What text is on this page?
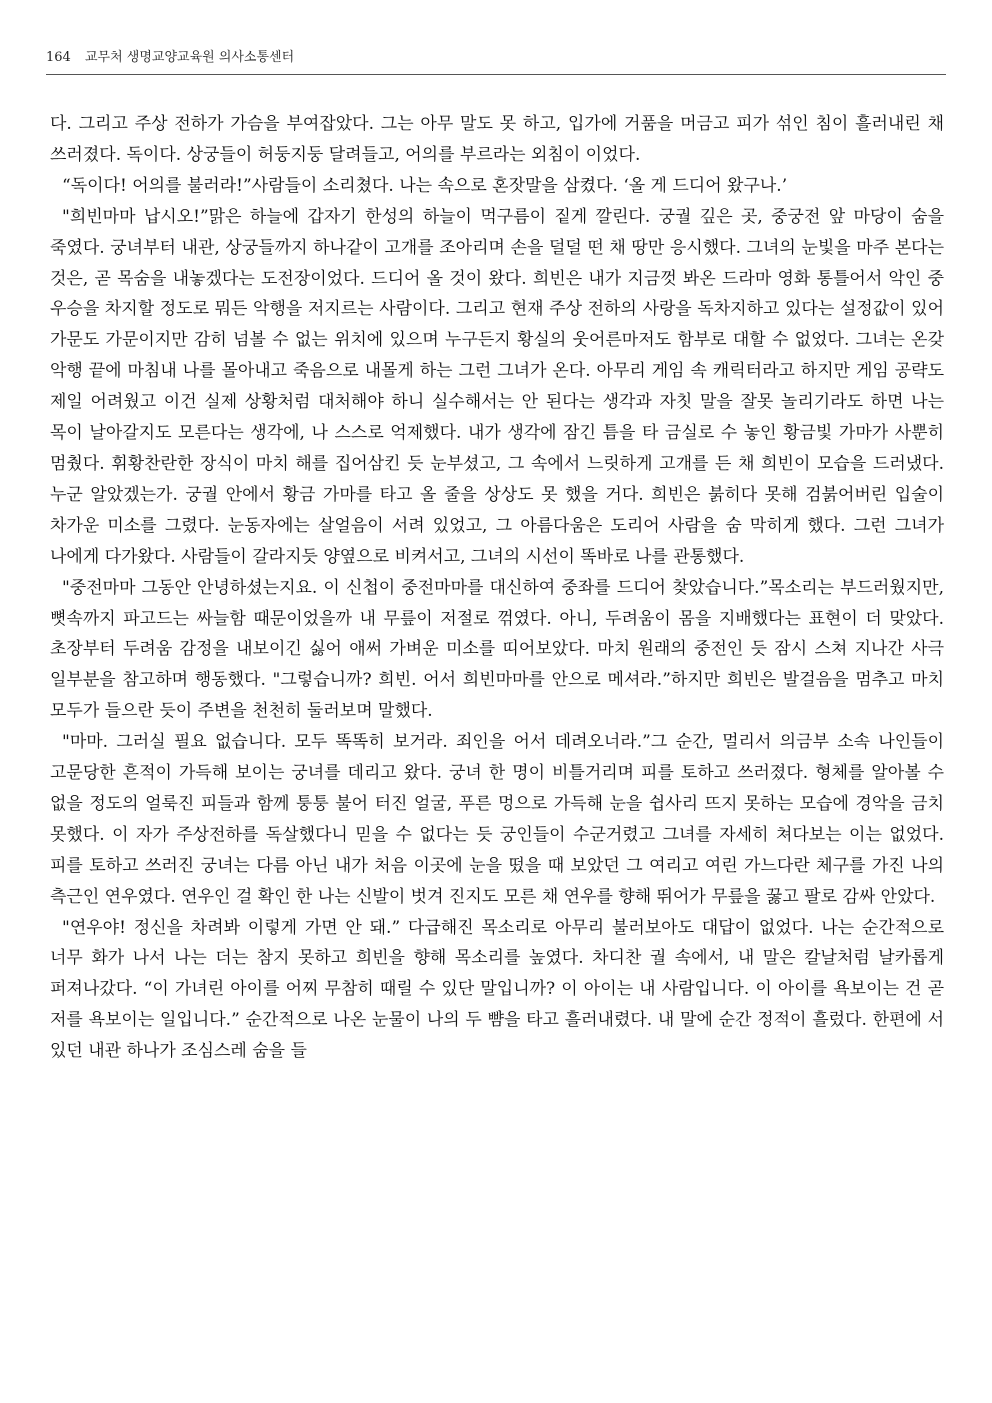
164 교무처 생명교양교육원 의사소통센터

다. 그리고 주상 전하가 가슴을 부여잡았다. 그는 아무 말도 못 하고, 입가에 거품을 머금고 피가 섞인 침이 흘러내린 채 쓰러졌다. 독이다. 상궁들이 허둥지둥 달려들고, 어의를 부르라는 외침이 이었다.

“독이다! 어의를 불러라!”사람들이 소리쳤다. 나는 속으로 혼잣말을 삼켰다. ‘올 게 드디어 왔구나.’

"희빈마마 납시오!”맑은 하늘에 갑자기 한성의 하늘이 먹구름이 짙게 깔린다. 궁궐 깊은 곳, 중궁전 앞 마당이 숨을 죽였다. 궁녀부터 내관, 상궁들까지 하나같이 고개를 조아리며 손을 덜덜 떤 채 땅만 응시했다. 그녀의 눈빛을 마주 본다는 것은, 곧 목숨을 내놓겠다는 도전장이었다. 드디어 올 것이 왔다. 희빈은 내가 지금껏 봐온 드라마 영화 통틀어서 악인 중 우승을 차지할 정도로 뭐든 악행을 저지르는 사람이다. 그리고 현재 주상 전하의 사랑을 독차지하고 있다는 설정값이 있어 가문도 가문이지만 감히 넘볼 수 없는 위치에 있으며 누구든지 황실의 웃어른마저도 함부로 대할 수 없었다. 그녀는 온갖 악행 끝에 마침내 나를 몰아내고 죽음으로 내몰게 하는 그런 그녀가 온다. 아무리 게임 속 캐릭터라고 하지만 게임 공략도 제일 어려웠고 이건 실제 상황처럼 대처해야 하니 실수해서는 안 된다는 생각과 자칫 말을 잘못 놀리기라도 하면 나는 목이 날아갈지도 모른다는 생각에, 나 스스로 억제했다. 내가 생각에 잠긴 틈을 타 금실로 수 놓인 황금빛 가마가 사뿐히 멈췄다. 휘황찬란한 장식이 마치 해를 집어삼킨 듯 눈부셨고, 그 속에서 느릿하게 고개를 든 채 희빈이 모습을 드러냈다. 누군 알았겠는가. 궁궐 안에서 황금 가마를 타고 올 줄을 상상도 못 했을 거다. 희빈은 붉히다 못해 검붉어버린 입술이 차가운 미소를 그렸다. 눈동자에는 살얼음이 서려 있었고, 그 아름다움은 도리어 사람을 숨 막히게 했다. 그런 그녀가 나에게 다가왔다. 사람들이 갈라지듯 양옆으로 비켜서고, 그녀의 시선이 똑바로 나를 관통했다.

"중전마마 그동안 안녕하셨는지요. 이 신첩이 중전마마를 대신하여 중좌를 드디어 찾았습니다.”목소리는 부드러웠지만, 뼛속까지 파고드는 싸늘함 때문이었을까 내 무릎이 저절로 꺾였다. 아니, 두려움이 몸을 지배했다는 표현이 더 맞았다. 초장부터 두려움 감정을 내보이긴 싫어 애써 가벼운 미소를 띠어보았다. 마치 원래의 중전인 듯 잠시 스쳐 지나간 사극 일부분을 참고하며 행동했다. "그렇습니까? 희빈. 어서 희빈마마를 안으로 메셔라.”하지만 희빈은 발걸음을 멈추고 마치 모두가 들으란 듯이 주변을 천천히 둘러보며 말했다.

"마마. 그러실 필요 없습니다. 모두 똑똑히 보거라. 죄인을 어서 데려오너라.”그 순간, 멀리서 의금부 소속 나인들이 고문당한 흔적이 가득해 보이는 궁녀를 데리고 왔다. 궁녀 한 명이 비틀거리며 피를 토하고 쓰러졌다. 형체를 알아볼 수 없을 정도의 얼룩진 피들과 함께 퉁퉁 불어 터진 얼굴, 푸른 멍으로 가득해 눈을 쉽사리 뜨지 못하는 모습에 경악을 금치 못했다. 이 자가 주상전하를 독살했다니 믿을 수 없다는 듯 궁인들이 수군거렸고 그녀를 자세히 쳐다보는 이는 없었다. 피를 토하고 쓰러진 궁녀는 다름 아닌 내가 처음 이곳에 눈을 떴을 때 보았던 그 여리고 여린 가느다란 체구를 가진 나의 측근인 연우였다. 연우인 걸 확인 한 나는 신발이 벗겨 진지도 모른 채 연우를 향해 뛰어가 무릎을 꿇고 팔로 감싸 안았다.

"연우야! 정신을 차려봐 이렇게 가면 안 돼.” 다급해진 목소리로 아무리 불러보아도 대답이 없었다. 나는 순간적으로 너무 화가 나서 나는 더는 참지 못하고 희빈을 향해 목소리를 높였다. 차디찬 궐 속에서, 내 말은 칼날처럼 날카롭게 퍼져나갔다. “이 가녀린 아이를 어찌 무참히 때릴 수 있단 말입니까? 이 아이는 내 사람입니다. 이 아이를 욕보이는 건 곧 저를 욕보이는 일입니다.” 순간적으로 나온 눈물이 나의 두 뺨을 타고 흘러내렸다. 내 말에 순간 정적이 흘렀다. 한편에 서 있던 내관 하나가 조심스레 숨을 들
